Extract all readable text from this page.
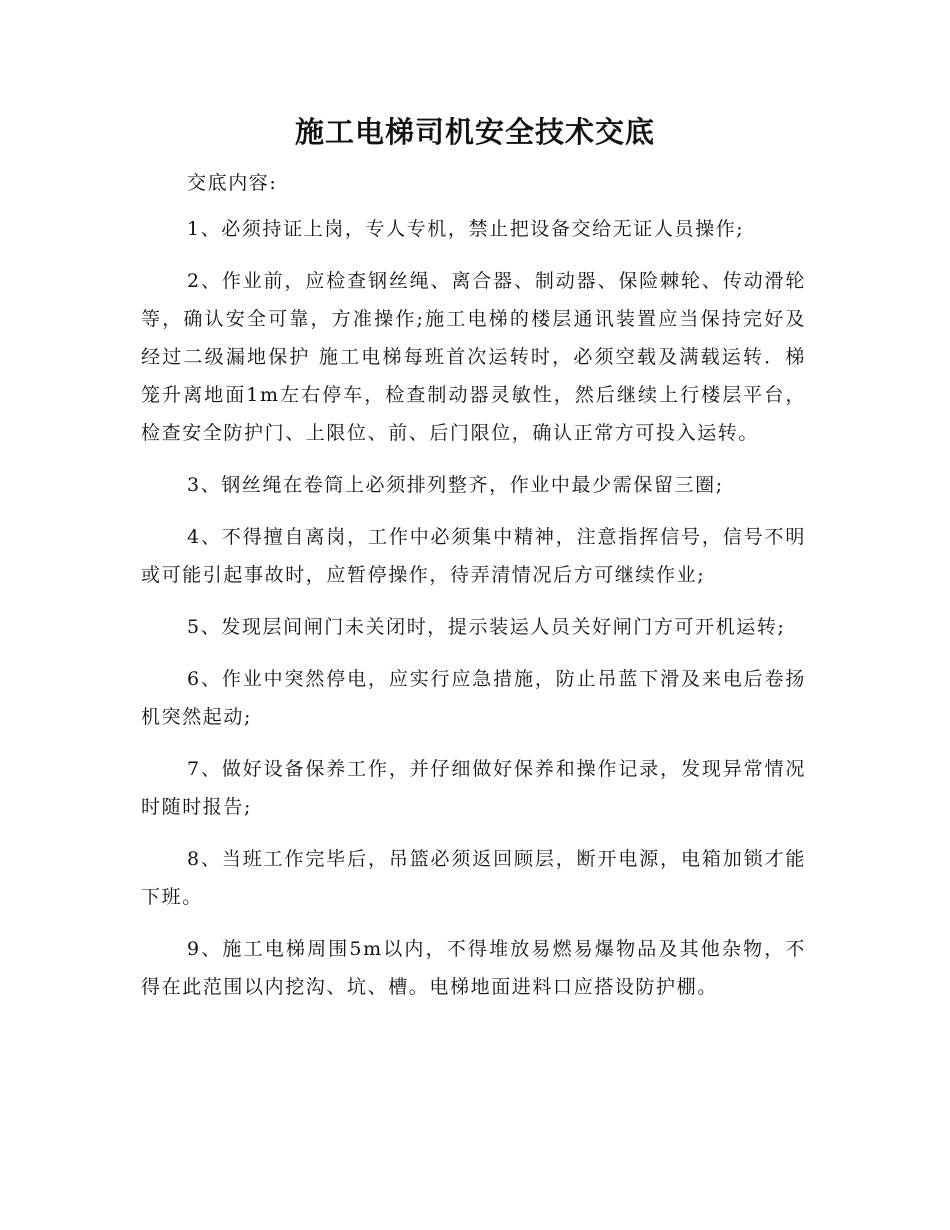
施工电梯司机安全技术交底

交底内容:

1、必须持证上岗，专人专机，禁止把设备交给无证人员操作;

2、作业前，应检查钢丝绳、离合器、制动器、保险棘轮、传动滑轮等，确认安全可靠，方准操作;施工电梯的楼层通讯装置应当保持完好及经过二级漏地保护 施工电梯每班首次运转时，必须空载及满载运转．梯笼升离地面1m左右停车，检查制动器灵敏性，然后继续上行楼层平台，检查安全防护门、上限位、前、后门限位，确认正常方可投入运转。

3、钢丝绳在卷筒上必须排列整齐，作业中最少需保留三圈;

4、不得擅自离岗，工作中必须集中精神，注意指挥信号，信号不明或可能引起事故时，应暂停操作，待弄清情况后方可继续作业;

5、发现层间闸门未关闭时，提示装运人员关好闸门方可开机运转;

6、作业中突然停电，应实行应急措施，防止吊蓝下滑及来电后卷扬机突然起动;

7、做好设备保养工作，并仔细做好保养和操作记录，发现异常情况时随时报告;

8、当班工作完毕后，吊篮必须返回顾层，断开电源，电箱加锁才能下班。

9、施工电梯周围5m以内，不得堆放易燃易爆物品及其他杂物，不得在此范围以内挖沟、坑、槽。电梯地面进料口应搭设防护棚。
